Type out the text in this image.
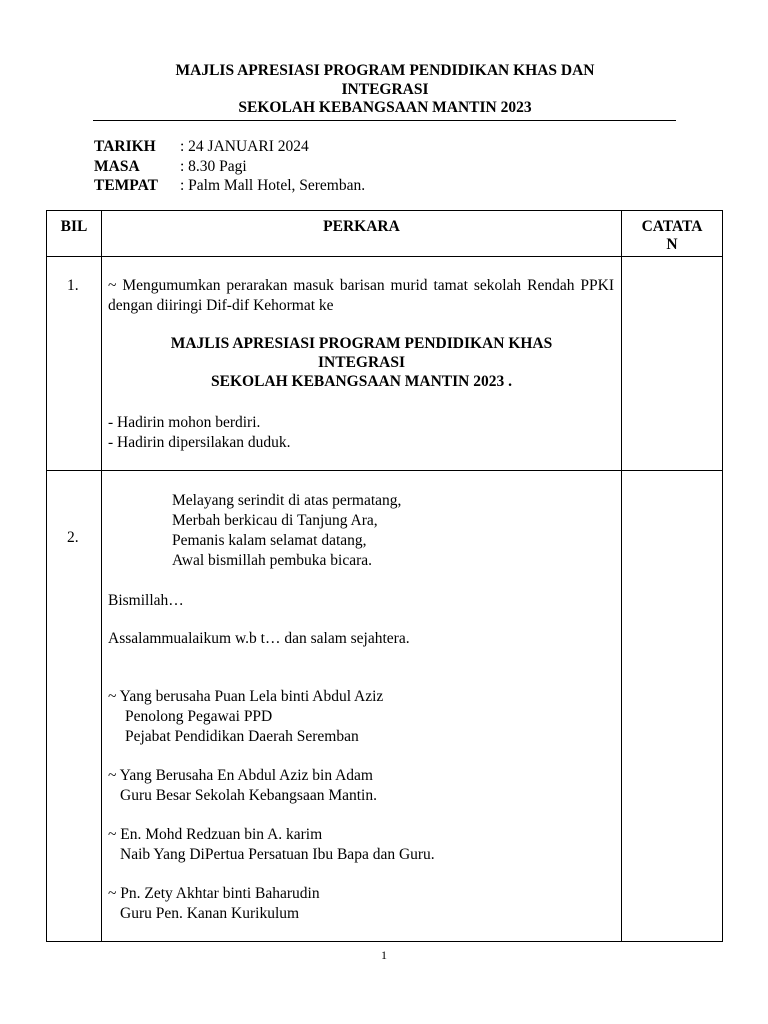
MAJLIS APRESIASI PROGRAM PENDIDIKAN KHAS DAN
INTEGRASI
SEKOLAH KEBANGSAAN MANTIN 2023
TARIKH	: 24 JANUARI 2024
MASA	: 8.30 Pagi
TEMPAT	: Palm Mall Hotel, Seremban.
BIL	PERKARA	CATATA
N
1. ~ Mengumumkan perarakan masuk barisan murid tamat sekolah Rendah PPKI dengan diiringi Dif-dif Kehormat ke
MAJLIS APRESIASI PROGRAM PENDIDIKAN KHAS
INTEGRASI
SEKOLAH KEBANGSAAN MANTIN 2023 .
- Hadirin mohon berdiri.
- Hadirin dipersilakan duduk.
2.
Melayang serindit di atas permatang,
Merbah berkicau di Tanjung Ara,
Pemanis kalam selamat datang,
Awal bismillah pembuka bicara.
Bismillah…
Assalammualaikum w.b t… dan salam sejahtera.
~ Yang berusaha Puan Lela binti Abdul Aziz
Penolong Pegawai PPD
Pejabat Pendidikan Daerah Seremban
~ Yang Berusaha En Abdul Aziz bin Adam
Guru Besar Sekolah Kebangsaan Mantin.
~ En. Mohd Redzuan bin A. karim
Naib Yang DiPertua Persatuan Ibu Bapa dan Guru.
~ Pn. Zety Akhtar binti Baharudin
Guru Pen. Kanan Kurikulum
1
